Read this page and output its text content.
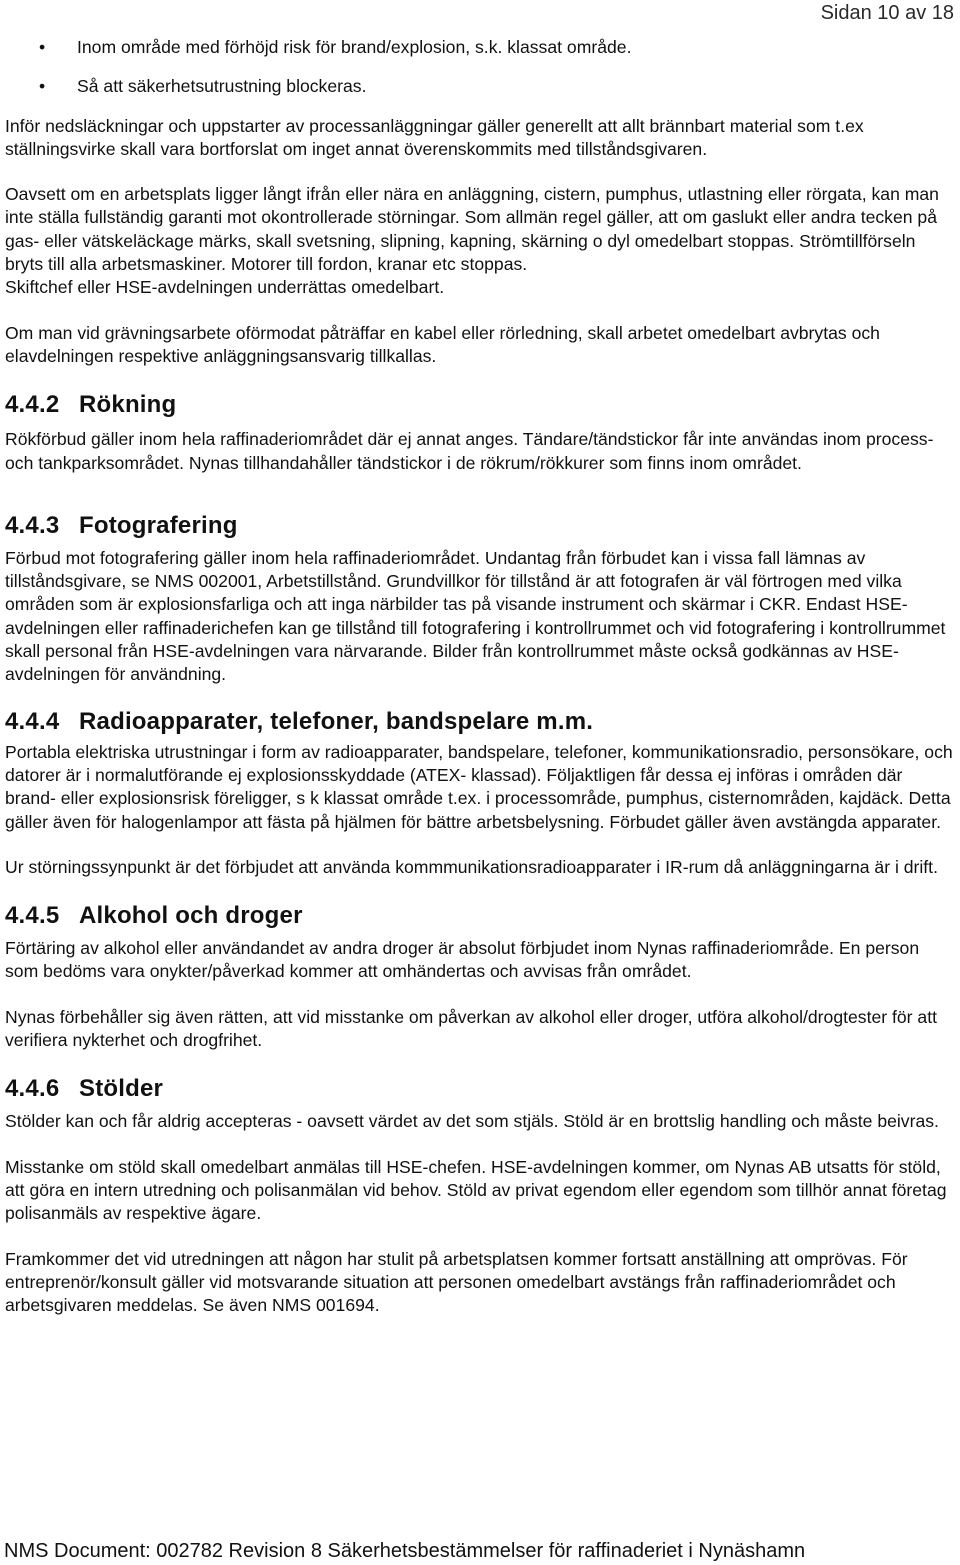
Sidan 10 av 18
• Inom område med förhöjd risk för brand/explosion, s.k. klassat område.
• Så att säkerhetsutrustning blockeras.

Inför nedsläckningar och uppstarter av processanläggningar gäller generellt att allt brännbart material som t.ex ställningsvirke skall vara bortforslat om inget annat överenskommits med tillståndsgivaren.

Oavsett om en arbetsplats ligger långt ifrån eller nära en anläggning, cistern, pumphus, utlastning eller rörgata, kan man inte ställa fullständig garanti mot okontrollerade störningar. Som allmän regel gäller, att om gaslukt eller andra tecken på gas- eller vätskeläckage märks, skall svetsning, slipning, kapning, skärning o dyl omedelbart stoppas. Strömtillförseln bryts till alla arbetsmaskiner. Motorer till fordon, kranar etc stoppas.

Skiftchef eller HSE-avdelningen underrättas omedelbart.

Om man vid grävningsarbete oförmodat påträffar en kabel eller rörledning, skall arbetet omedelbart avbrytas och elavdelningen respektive anläggningsansvarig tillkallas.

4.4.2 Rökning

Rökförbud gäller inom hela raffinaderiområdet där ej annat anges. Tändare/tändstickor får inte användas inom process- och tankparksområdet. Nynas tillhandahåller tändstickor i de rökrum/rökkurer som finns inom området.

4.4.3 Fotografering

Förbud mot fotografering gäller inom hela raffinaderiområdet. Undantag från förbudet kan i vissa fall lämnas av tillståndsgivare, se NMS 002001, Arbetstillstånd. Grundvillkor för tillstånd är att fotografen är väl förtrogen med vilka områden som är explosionsfarliga och att inga närbilder tas på visande instrument och skärmar i CKR. Endast HSE-avdelningen eller raffinaderichefen kan ge tillstånd till fotografering i kontrollrummet och vid fotografering i kontrollrummet skall personal från HSE-avdelningen vara närvarande. Bilder från kontrollrummet måste också godkännas av HSE-avdelningen för användning.

4.4.4 Radioapparater, telefoner, bandspelare m.m.

Portabla elektriska utrustningar i form av radioapparater, bandspelare, telefoner, kommunikationsradio, personsökare, och datorer är i normalutförande ej explosionsskyddade (ATEX- klassad). Följaktligen får dessa ej införas i områden där brand- eller explosionsrisk föreligger, s k klassat område t.ex. i processområde, pumphus, cisternområden, kajdäck. Detta gäller även för halogenlampor att fästa på hjälmen för bättre arbetsbelysning. Förbudet gäller även avstängda apparater.

Ur störningssynpunkt är det förbjudet att använda kommmunikationsradioapparater i IR-rum då anläggningarna är i drift.

4.4.5 Alkohol och droger

Förtäring av alkohol eller användandet av andra droger är absolut förbjudet inom Nynas raffinaderiområde. En person som bedöms vara onykter/påverkad kommer att omhändertas och avvisas från området.

Nynas förbehåller sig även rätten, att vid misstanke om påverkan av alkohol eller droger, utföra alkohol/drogtester för att verifiera nykterhet och drogfrihet.

4.4.6 Stölder

Stölder kan och får aldrig accepteras - oavsett värdet av det som stjäls. Stöld är en brottslig handling och måste beivras.

Misstanke om stöld skall omedelbart anmälas till HSE-chefen. HSE-avdelningen kommer, om Nynas AB utsatts för stöld, att göra en intern utredning och polisanmälan vid behov. Stöld av privat egendom eller egendom som tillhör annat företag polisanmäls av respektive ägare.

Framkommer det vid utredningen att någon har stulit på arbetsplatsen kommer fortsatt anställning att omprövas. För entreprenör/konsult gäller vid motsvarande situation att personen omedelbart avstängs från raffinaderiområdet och arbetsgivaren meddelas. Se även NMS 001694.

NMS Document: 002782 Revision 8 Säkerhetsbestämmelser för raffinaderiet i Nynäshamn
